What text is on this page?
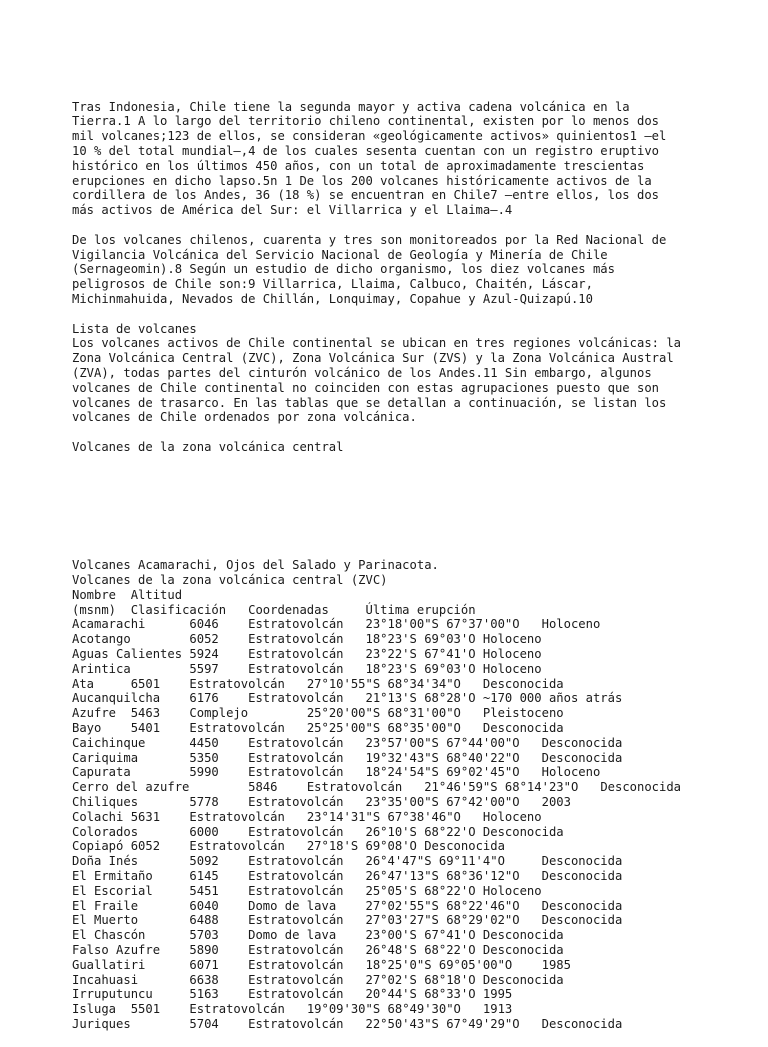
Tras Indonesia, Chile tiene la segunda mayor y activa cadena volcánica en la
Tierra.1 A lo largo del territorio chileno continental, existen por lo menos dos
mil volcanes;123 de ellos, se consideran «geológicamente activos» quinientos1 —el
10 % del total mundial—,4 de los cuales sesenta cuentan con un registro eruptivo
histórico en los últimos 450 años, con un total de aproximadamente trescientas
erupciones en dicho lapso.5n 1 De los 200 volcanes históricamente activos de la
cordillera de los Andes, 36 (18 %) se encuentran en Chile7 —entre ellos, los dos
más activos de América del Sur: el Villarrica y el Llaima—.4
De los volcanes chilenos, cuarenta y tres son monitoreados por la Red Nacional de
Vigilancia Volcánica del Servicio Nacional de Geología y Minería de Chile
(Sernageomin).8 Según un estudio de dicho organismo, los diez volcanes más
peligrosos de Chile son:9 Villarrica, Llaima, Calbuco, Chaitén, Láscar,
Michinmahuida, Nevados de Chillán, Lonquimay, Copahue y Azul-Quizapú.10
Lista de volcanes
Los volcanes activos de Chile continental se ubican en tres regiones volcánicas: la
Zona Volcánica Central (ZVC), Zona Volcánica Sur (ZVS) y la Zona Volcánica Austral
(ZVA), todas partes del cinturón volcánico de los Andes.11 Sin embargo, algunos
volcanes de Chile continental no coinciden con estas agrupaciones puesto que son
volcanes de trasarco. En las tablas que se detallan a continuación, se listan los
volcanes de Chile ordenados por zona volcánica.
Volcanes de la zona volcánica central

Volcanes Acamarachi, Ojos del Salado y Parinacota.
Volcanes de la zona volcánica central (ZVC)
Nombre	Altitud
(msnm)	Clasificación	Coordenadas	Última erupción
Acamarachi	6046	Estratovolcán	23°18'00"S 67°37'00"O	Holoceno
Acotango	6052	Estratovolcán	18°23'S 69°03'O	Holoceno
Aguas Calientes	5924	Estratovolcán	23°22'S 67°41'O	Holoceno
Arintica	5597	Estratovolcán	18°23'S 69°03'O	Holoceno
Ata	6501	Estratovolcán	27°10'55"S 68°34'34"O	Desconocida
Aucanquilcha	6176	Estratovolcán	21°13'S 68°28'O	~170 000 años atrás
Azufre	5463	Complejo	25°20'00"S 68°31'00"O	Pleistoceno
Bayo	5401	Estratovolcán	25°25'00"S 68°35'00"O	Desconocida
Caichinque	4450	Estratovolcán	23°57'00"S 67°44'00"O	Desconocida
Cariquima	5350	Estratovolcán	19°32'43"S 68°40'22"O	Desconocida
Capurata	5990	Estratovolcán	18°24'54"S 69°02'45"O	Holoceno
Cerro del azufre	5846	Estratovolcán	21°46'59"S 68°14'23"O	Desconocida
Chiliques	5778	Estratovolcán	23°35'00"S 67°42'00"O	2003
Colachi	5631	Estratovolcán	23°14'31"S 67°38'46"O	Holoceno
Colorados	6000	Estratovolcán	26°10'S 68°22'O	Desconocida
Copiapó	6052	Estratovolcán	27°18'S 69°08'O	Desconocida
Doña Inés	5092	Estratovolcán	26°4'47"S 69°11'4"O	Desconocida
El Ermitaño	6145	Estratovolcán	26°47'13"S 68°36'12"O	Desconocida
El Escorial	5451	Estratovolcán	25°05'S 68°22'O	Holoceno
El Fraile	6040	Domo de lava	27°02'55"S 68°22'46"O	Desconocida
El Muerto	6488	Estratovolcán	27°03'27"S 68°29'02"O	Desconocida
El Chascón	5703	Domo de lava	23°00'S 67°41'O	Desconocida
Falso Azufre	5890	Estratovolcán	26°48'S 68°22'O	Desconocida
Guallatiri	6071	Estratovolcán	18°25'0"S 69°05'00"O	1985
Incahuasi	6638	Estratovolcán	27°02'S 68°18'O	Desconocida
Irruputuncu	5163	Estratovolcán	20°44'S 68°33'O	1995
Isluga	5501	Estratovolcán	19°09'30"S 68°49'30"O	1913
Juriques	5704	Estratovolcán	22°50'43"S 67°49'29"O	Desconocida
